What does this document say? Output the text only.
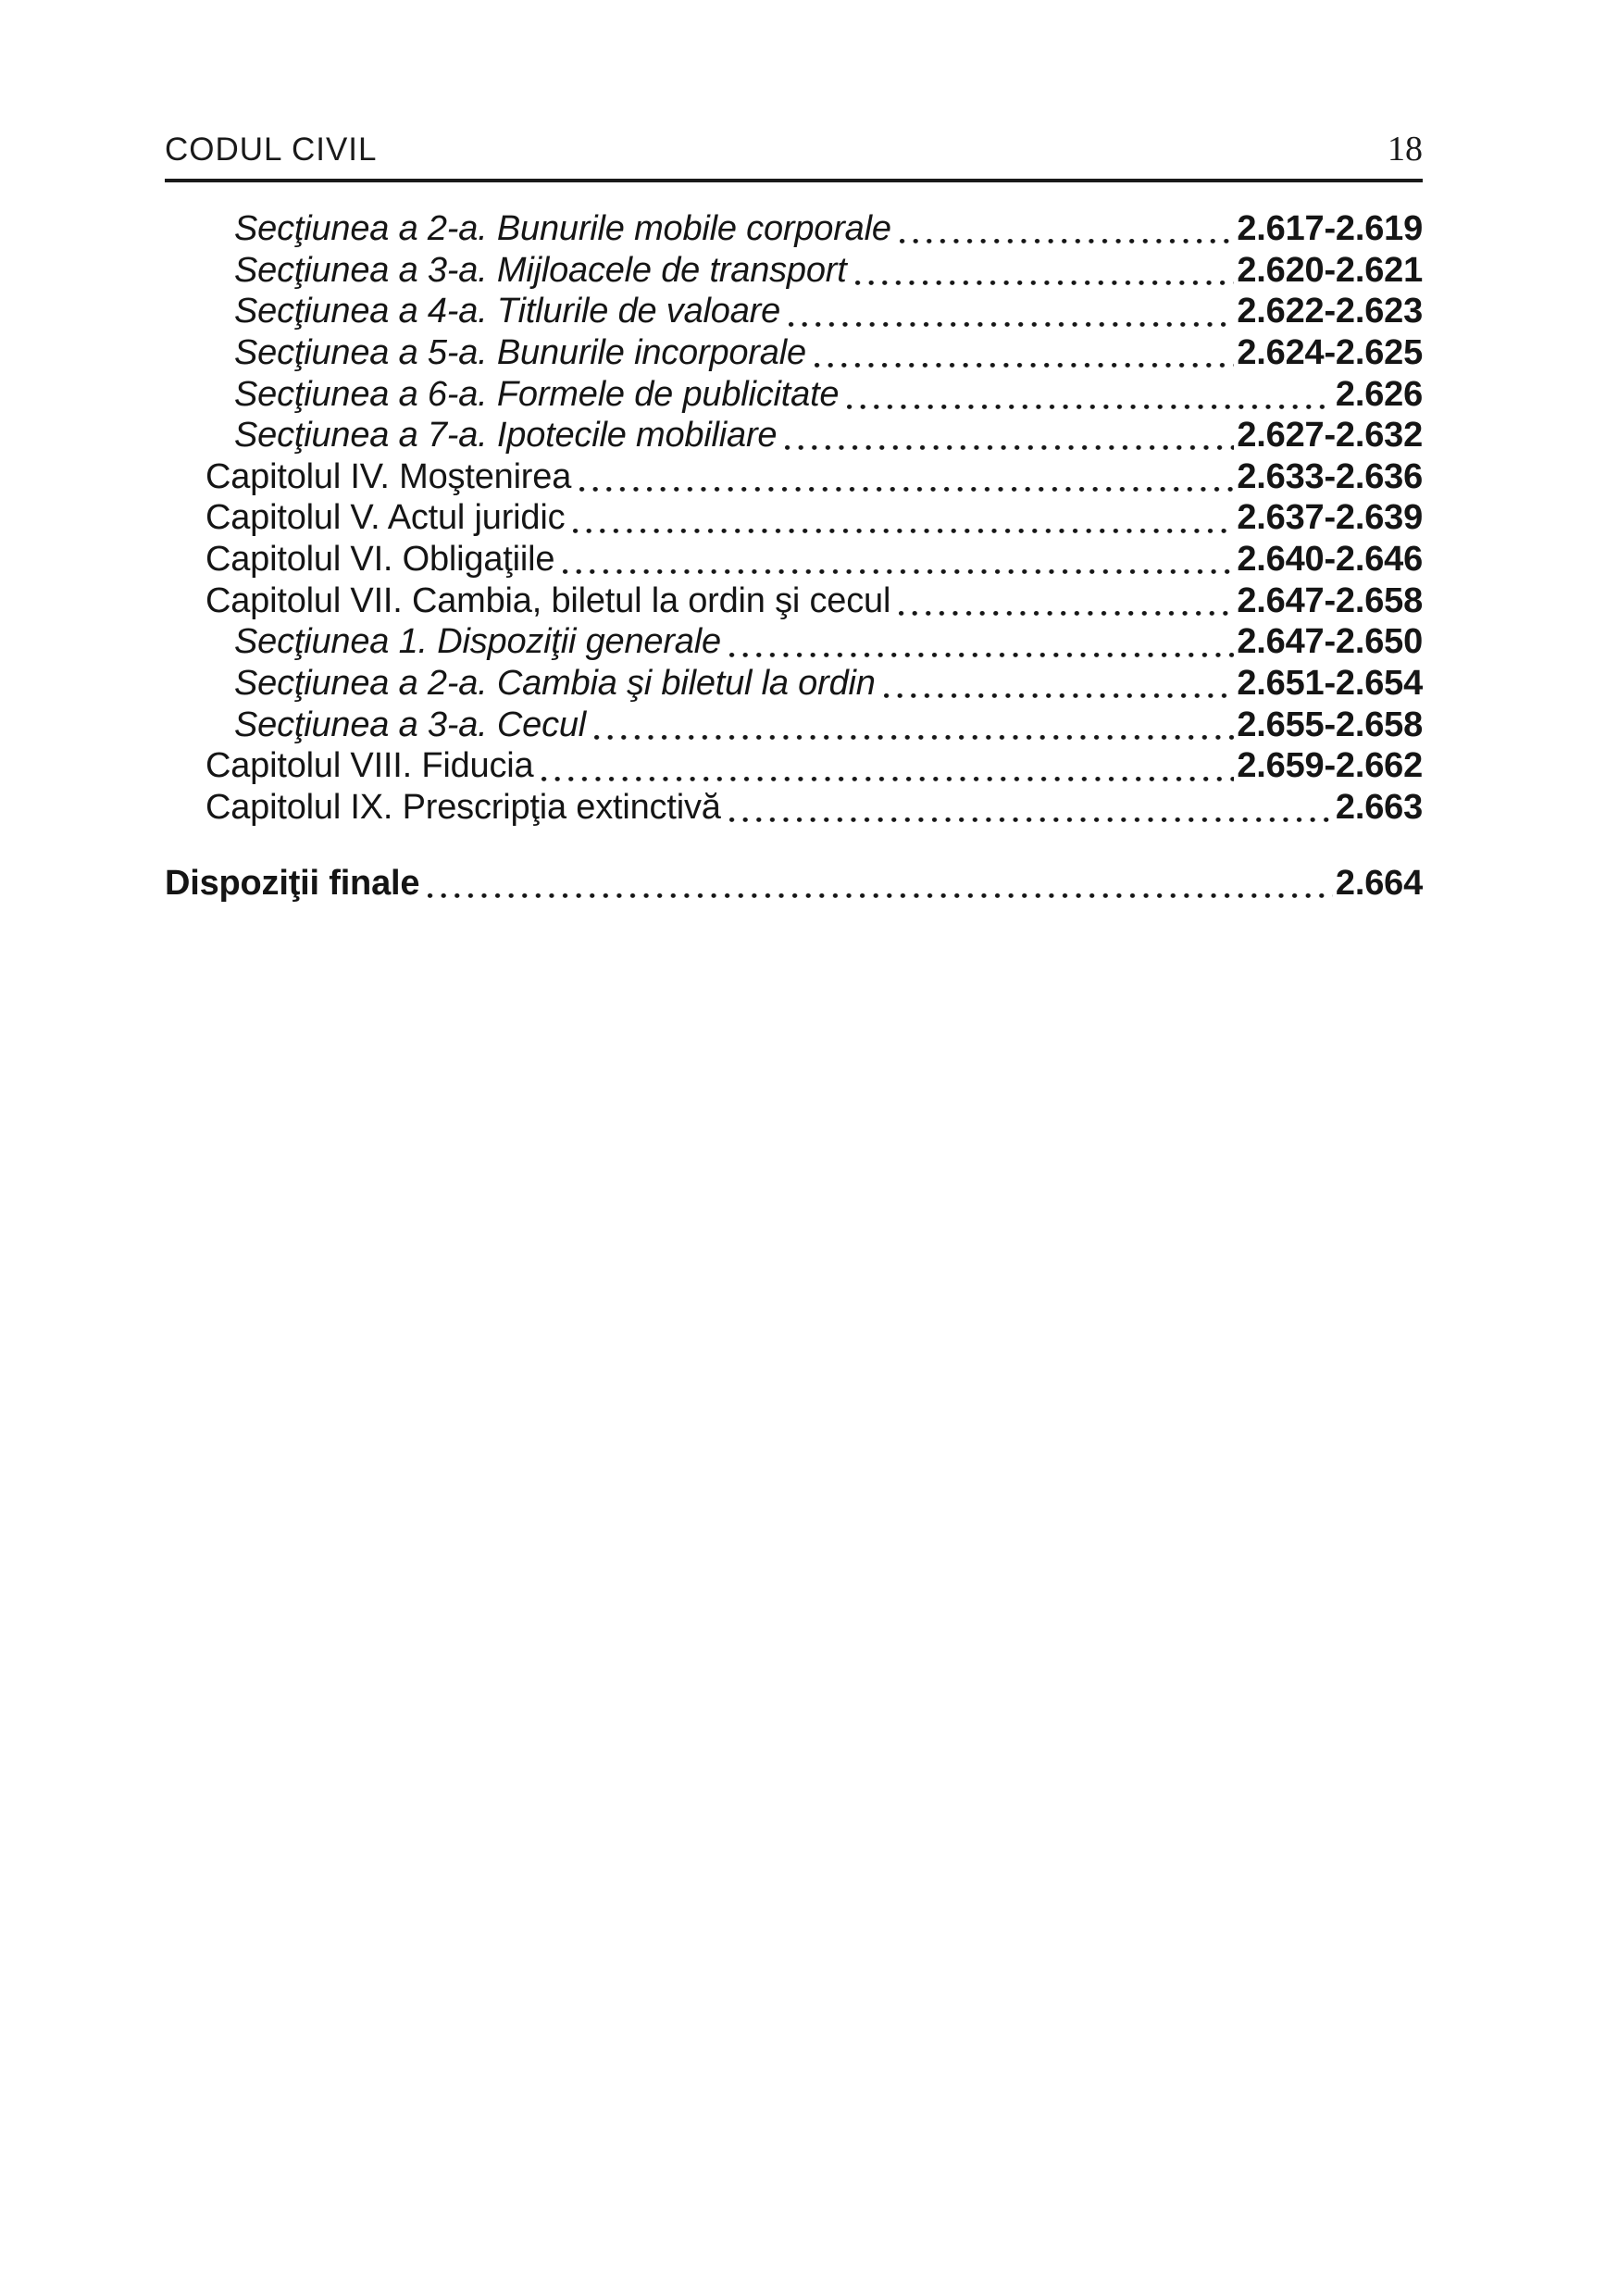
CODUL CIVIL	18
Secţiunea a 2-a. Bunurile mobile corporale	2.617-2.619
Secţiunea a 3-a. Mijloacele de transport	2.620-2.621
Secţiunea a 4-a. Titlurile de valoare	2.622-2.623
Secţiunea a 5-a. Bunurile incorporale	2.624-2.625
Secţiunea a 6-a. Formele de publicitate	2.626
Secţiunea a 7-a. Ipotecile mobiliare	2.627-2.632
Capitolul IV. Moştenirea	2.633-2.636
Capitolul V. Actul juridic	2.637-2.639
Capitolul VI. Obligaţiile	2.640-2.646
Capitolul VII. Cambia, biletul la ordin şi cecul	2.647-2.658
Secţiunea 1. Dispoziţii generale	2.647-2.650
Secţiunea a 2-a. Cambia şi biletul la ordin	2.651-2.654
Secţiunea a 3-a. Cecul	2.655-2.658
Capitolul VIII. Fiducia	2.659-2.662
Capitolul IX. Prescripţia extinctivă	2.663
Dispoziţii finale	2.664
